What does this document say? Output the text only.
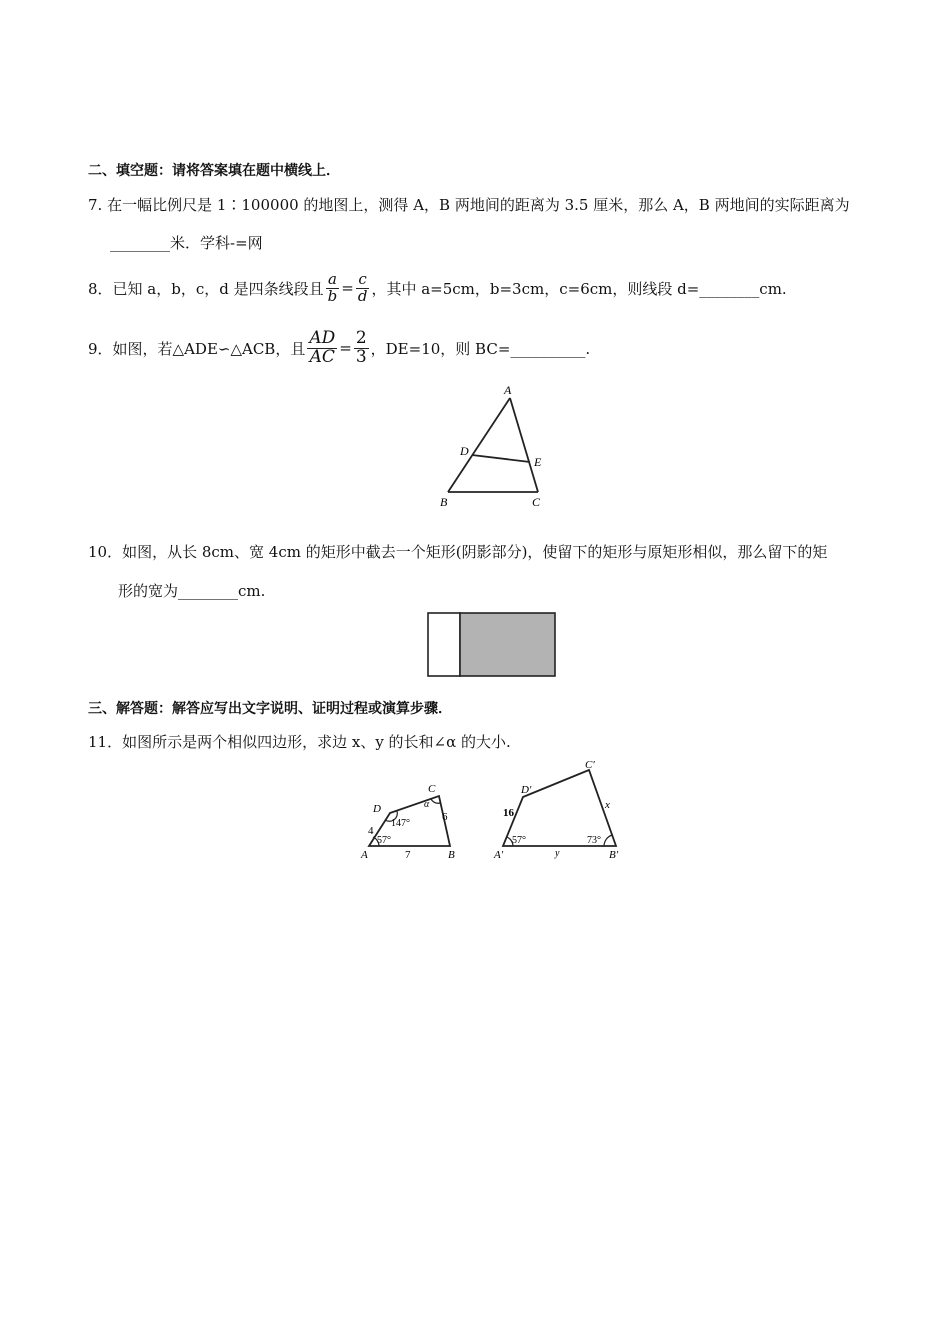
二、填空题：请将答案填在题中横线上．
7. 在一幅比例尺是 1∶100000 的地图上，测得 A，B 两地间的距离为 3.5 厘米，那么 A，B 两地间的实际距离为
________米．学科-=网
8．已知 a，b，c，d 是四条线段且 $\frac{a}{b} = \frac{c}{d}$ ，其中 a=5cm，b=3cm，c=6cm，则线段 d=________cm.
9．如图，若△ADE∽△ACB，且 $\frac{AD}{AC} = \frac{2}{3}$ ，DE=10，则 BC=__________.
A
B	C
D
E
10．如图，从长 8cm、宽 4cm 的矩形中截去一个矩形(阴影部分)，使留下的矩形与原矩形相似，那么留下的矩
形的宽为________cm.
三、解答题：解答应写出文字说明、证明过程或演算步骤．
11．如图所示是两个相似四边形，求边 x、y 的长和∠α 的大小.
A	B
C
D
7
4
6
57°
147°
α
A′	B′
C′
D′
y
16
x
57°	73°
